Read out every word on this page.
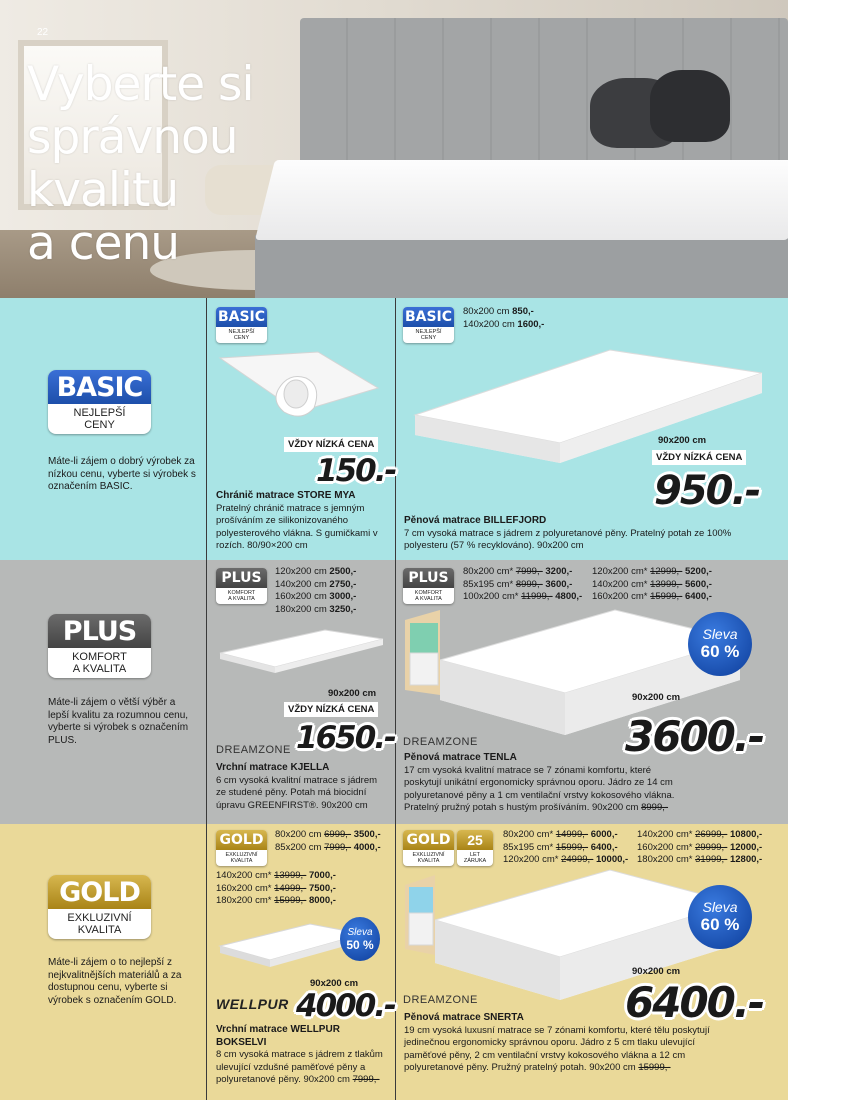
22
Vyberte si
správnou
kvalitu
a cenu
BASIC
NEJLEPŠÍ
CENY
Máte-li zájem o dobrý výrobek za nízkou cenu, vyberte si výrobek s označením BASIC.
BASIC
NEJLEPŠÍ
CENY
VŽDY NÍZKÁ CENA
150.-
Chránič matrace STORE MYA
Pratelný chránič matrace s jemným prošíváním ze silikonizovaného polyesterového vlákna. S gumičkami v rozích. 80/90×200 cm
BASIC
NEJLEPŠÍ
CENY
80x200 cm 850,-
140x200 cm 1600,-
90x200 cm
VŽDY NÍZKÁ CENA
950.-
Pěnová matrace BILLEFJORD
7 cm vysoká matrace s jádrem z polyuretanové pěny. Pratelný potah ze 100% polyesteru (57 % recyklováno). 90x200 cm
PLUS
KOMFORT
A KVALITA
Máte-li zájem o větší výběr a lepší kvalitu za rozumnou cenu, vyberte si výrobek s označením PLUS.
PLUS
KOMFORT
A KVALITA
120x200 cm 2500,-
140x200 cm 2750,-
160x200 cm 3000,-
180x200 cm 3250,-
90x200 cm
VŽDY NÍZKÁ CENA
DREAMZONE 1650.-
Vrchní matrace KJELLA
6 cm vysoká kvalitní matrace s jádrem ze studené pěny. Potah má biocidní úpravu GREENFIRST®. 90x200 cm
PLUS
KOMFORT
A KVALITA
80x200 cm* 7999,- 3200,-
85x195 cm* 8999,- 3600,-
100x200 cm* 11999,- 4800,-
120x200 cm* 12999,- 5200,-
140x200 cm* 13999,- 5600,-
160x200 cm* 15999,- 6400,-
Sleva
60 %
90x200 cm
DREAMZONE	3600.-
Pěnová matrace TENLA
17 cm vysoká kvalitní matrace se 7 zónami komfortu, které poskytují unikátní ergonomicky správnou oporu. Jádro ze 14 cm polyuretanové pěny a 1 cm ventilační vrstvy kokosového vlákna. Pratelný pružný potah s hustým prošíváním. 90x200 cm 8999,-
GOLD
EXKLUZIVNÍ
KVALITA
Máte-li zájem o to nejlepší z nejkvalitnějších materiálů a za dostupnou cenu, vyberte si výrobek s označením GOLD.
GOLD
EXKLUZIVNÍ
KVALITA
80x200 cm 6999,- 3500,-
85x200 cm 7999,- 4000,-
140x200 cm* 13999,- 7000,-
160x200 cm* 14999,- 7500,-
180x200 cm* 15999,- 8000,-
Sleva
50 %
90x200 cm
WELLPUR 4000.-
Vrchní matrace WELLPUR BOKSELVI
8 cm vysoká matrace s jádrem z tlakům ulevující vzdušné paměťové pěny a polyuretanové pěny. 90x200 cm 7999,-
GOLD
EXKLUZIVNÍ
KVALITA
25
LET
ZÁRUKA
80x200 cm* 14999,- 6000,-
85x195 cm* 15999,- 6400,-
120x200 cm* 24999,- 10000,-
140x200 cm* 26999,- 10800,-
160x200 cm* 29999,- 12000,-
180x200 cm* 31999,- 12800,-
Sleva
60 %
90x200 cm
DREAMZONE	6400.-
Pěnová matrace SNERTA
19 cm vysoká luxusní matrace se 7 zónami komfortu, které tělu poskytují jedinečnou ergonomicky správnou oporu. Jádro z 5 cm tlaku ulevující paměťové pěny, 2 cm ventilační vrstvy kokosového vlákna a 12 cm polyuretanové pěny. Pružný pratelný potah. 90x200 cm 15999,-
